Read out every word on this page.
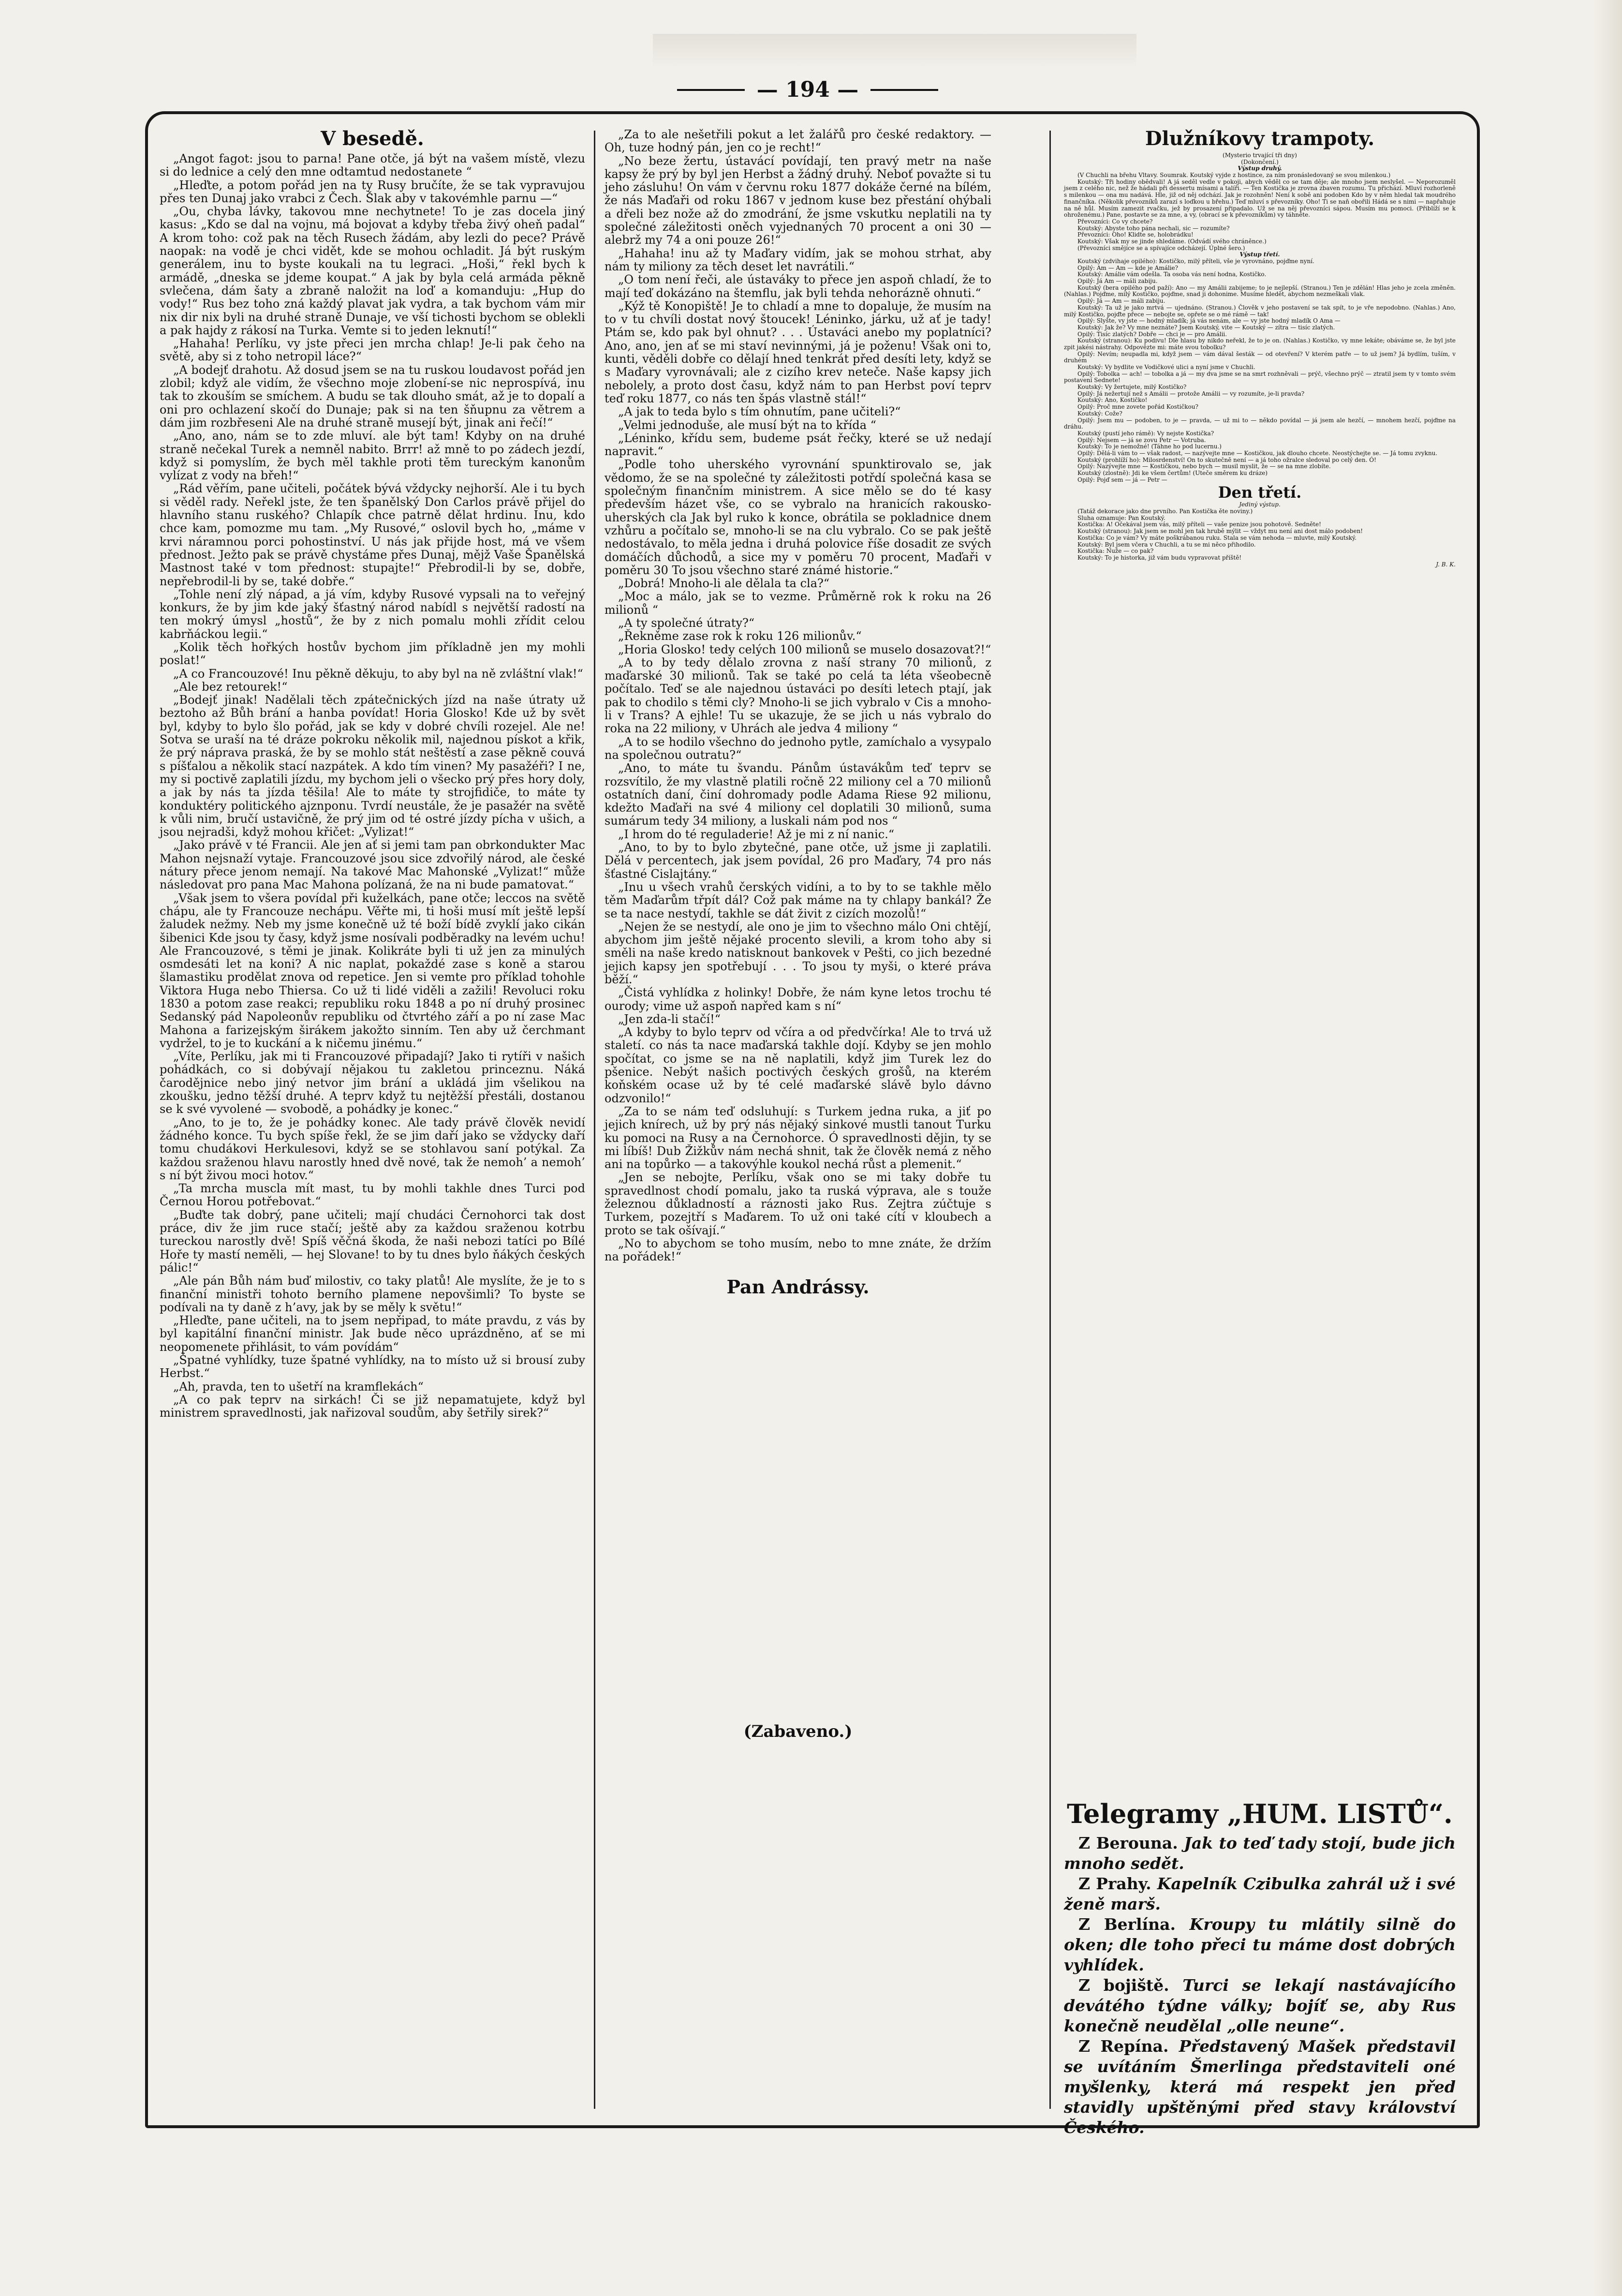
— 194 —
V besedě.

„Angot fagot: jsou to parna! Pane otče, já být na vašem místě, vlezu si do lednice a celý den mne odtamtud nedostanete “

„Hleďte, a potom pořád jen na ty Rusy bručíte, že se tak vypravujou přes ten Dunaj jako vrabci z Čech. Šlak aby v takovémhle parnu —“

„Ou, chyba lávky, takovou mne nechytnete! To je zas docela jiný kasus: „Kdo se dal na vojnu, má bojovat a kdyby třeba živý oheň padal“ A krom toho: což pak na těch Rusech žádám, aby lezli do pece? Právě naopak: na vodě je chci vidět, kde se mohou ochladit. Já být ruským generálem, inu to byste koukali na tu legraci. „Hoši,“ řekl bych k armádě, „dneska se jdeme koupat.“ A jak by byla celá armáda pěkně svlečena, dám šaty a zbraně naložit na loď a komanduju: „Hup do vody!“ Rus bez toho zná každý plavat jak vydra, a tak bychom vám mir nix dir nix byli na druhé straně Dunaje, ve vší tichosti bychom se oblekli a pak hajdy z rákosí na Turka. Vemte si to jeden leknutí!“

„Hahaha! Perlíku, vy jste přeci jen mrcha chlap! Je-li pak čeho na světě, aby si z toho netropil láce?“

„A bodejť drahotu. Až dosud jsem se na tu ruskou loudavost pořád jen zlobil; když ale vidím, že všechno moje zlobení-se nic neprospívá, inu tak to zkouším se smíchem. A budu se tak dlouho smát, až je to dopalí a oni pro ochlazení skočí do Dunaje; pak si na ten šňupnu za větrem a dám jim rozbřeseni Ale na druhé straně musejí být, jinak ani řečí!“

„Ano, ano, nám se to zde mluví. ale být tam! Kdyby on na druhé straně nečekal Turek a nemněl nabito. Brrr! až mně to po zádech jezdí, když si pomyslím, že bych měl takhle proti těm tureckým kanonům vylízat z vody na břeh!“

„Rád věřím, pane učiteli, počátek bývá vždycky nejhorší. Ale i tu bych si věděl rady. Neřekl jste, že ten španělský Don Carlos právě přijel do hlavního stanu ruského? Chlapík chce patrně dělat hrdinu. Inu, kdo chce kam, pomozme mu tam. „My Rusové,“ oslovil bych ho, „máme v krvi náramnou porci pohostinství. U nás jak přijde host, má ve všem přednost. Ježto pak se právě chystáme přes Dunaj, mějž Vaše Španělská Mastnost také v tom přednost: stupajte!“ Přebrodil-li by se, dobře, nepřebrodil-li by se, také dobře.“

„Tohle není zlý nápad, a já vím, kdyby Rusové vypsali na to veřejný konkurs, že by jim kde jaký šťastný národ nabídl s největší radostí na ten mokrý úmysl „hostů“, že by z nich pomalu mohli zřídit celou kabrňáckou legii.“

„Kolik těch hořkých hostův bychom jim příkladně jen my mohli poslat!“

„A co Francouzové! Inu pěkně děkuju, to aby byl na ně zvláštní vlak!“

„Ale bez retourek!“

„Bodejť jinak! Nadělali těch zpátečnických jízd na naše útraty už beztoho až Bůh brání a hanba povídat! Horia Glosko! Kde už by svět byl, kdyby to bylo šlo pořád, jak se kdy v dobré chvíli rozejel. Ale ne! Sotva se uraší na té dráze pokroku několik mil, najednou pískot a křik, že prý náprava praská, že by se mohlo stát neštěstí a zase pěkně couvá s píšťalou a několik stací nazpátek. A kdo tím vinen? My pasažéři? I ne, my si poctivě zaplatili jízdu, my bychom jeli o všecko prý přes hory doly, a jak by nás ta jízda těšila! Ale to máte ty strojfidiče, to máte ty konduktéry politického ajznponu. Tvrdí neustále, že je pasažér na světě k vůli nim, bručí ustavičně, že prý jim od té ostré jízdy pícha v ušich, a jsou nejradši, když mohou křičet: „Vylizat!“

„Jako právě v té Francii. Ale jen ať si jemi tam pan obrkondukter Mac Mahon nejsnaží vytaje. Francouzové jsou sice zdvořilý národ, ale české nátury přece jenom nemají. Na takové Mac Mahonské „Vylizat!“ může následovat pro pana Mac Mahona polízaná, že na ni bude pamatovat.“

„Však jsem to všera povídal při kuželkách, pane otče; leccos na světě chápu, ale ty Francouze nechápu. Věřte mi, ti hoši musí mít ještě lepší žaludek nežmy. Neb my jsme konečně už té boží bídě zvyklí jako cikán šibenici Kde jsou ty časy, když jsme nosívali podběradky na levém uchu! Ale Francouzové, s těmi je jinak. Kolikráte byli ti už jen za minulých osmdesáti let na koni? A nic naplat, pokaždé zase s koně a starou šlamastiku prodělat znova od repetice. Jen si vemte pro příklad tohohle Viktora Huga nebo Thiersa. Co už ti lidé viděli a zažili! Revoluci roku 1830 a potom zase reakci; republiku roku 1848 a po ní druhý prosinec Sedanský pád Napoleonův republiku od čtvrtého září a po ní zase Mac Mahona a farizejským širákem jakožto sinním. Ten aby už čerchmant vydržel, to je to kuckání a k ničemu jinému.“

„Víte, Perlíku, jak mi ti Francouzové připadají? Jako ti rytíři v našich pohádkách, co si dobývají nějakou tu zakletou princeznu. Náká čarodějnice nebo jiný netvor jim brání a ukládá jim všelikou na zkoušku, jedno těžší druhé. A teprv když tu nejtěžší přestáli, dostanou se k své vyvolené — svobodě, a pohádky je konec.“

„Ano, to je to, že je pohádky konec. Ale tady právě člověk nevidí žádného konce. Tu bych spíše řekl, že se jim daří jako se vždycky daří tomu chudákovi Herkulesovi, když se se stohlavou saní potýkal. Za každou sraženou hlavu narostly hned dvě nové, tak že nemoh’ a nemoh’ s ní být živou moci hotov.“

„Ta mrcha muscla mít mast, tu by mohli takhle dnes Turci pod Černou Horou potřebovat.“

„Buďte tak dobrý, pane učiteli; mají chudáci Černohorci tak dost práce, div že jim ruce stačí; ještě aby za každou sraženou kotrbu tureckou narostly dvě! Spíš věčná škoda, že naši nebozi tatíci po Bílé Hoře ty mastí neměli, — hej Slovane! to by tu dnes bylo ňákých českých pálic!“

„Ale pán Bůh nám buď milostiv, co taky platů! Ale myslíte, že je to s finanční ministři tohoto berního plamene nepovšimli? To byste se podívali na ty daně z h’avy, jak by se měly k světu!“

„Hleďte, pane učiteli, na to jsem nepřipad, to máte pravdu, z vás by byl kapitální finanční ministr. Jak bude něco uprázdněno, ať se mi neopomenete přihlásit, to vám povídám“

„Špatné vyhlídky, tuze špatné vyhlídky, na to místo už si brousí zuby Herbst.“

„Ah, pravda, ten to ušetří na kramflekách“

„A co pak teprv na sirkách! Či se již nepamatujete, když byl ministrem spravedlnosti, jak nařizoval soudům, aby šetřily sirek?“

„Za to ale nešetřili pokut a let žalářů pro české redaktory. — Oh, tuze hodný pán, jen co je recht!“

„No beze žertu, ústavácí povídají, ten pravý metr na naše kapsy že prý by byl jen Herbst a žádný druhý. Neboť považte si tu jeho zásluhu! On vám v červnu roku 1877 dokáže černé na bílém, že nás Maďaři od roku 1867 v jednom kuse bez přestání ohýbali a dřeli bez nože až do zmodrání, že jsme vskutku neplatili na ty společné záležitosti oněch vyjednaných 70 procent a oni 30 — alebrž my 74 a oni pouze 26!“

„Hahaha! inu až ty Maďary vidím, jak se mohou strhat, aby nám ty miliony za těch deset let navrátili.“

„O tom není řeči, ale ústaváky to přece jen aspoň chladí, že to mají teď dokázáno na štemflu, jak byli tehda nehorázně ohnuti.“

„Kýž tě Konopiště! Je to chladí a mne to dopaluje, že musím na to v tu chvíli dostat nový štoucek! Léninko, járku, už ať je tady! Ptám se, kdo pak byl ohnut? . . . Ústaváci anebo my poplatníci? Ano, ano, jen ať se mi staví nevinnými, já je poženu! Však oni to, kunti, věděli dobře co dělají hned tenkrát před desíti lety, když se s Maďary vyrovnávali; ale z cizího krev neteče. Naše kapsy jich nebolely, a proto dost času, když nám to pan Herbst poví teprv teď roku 1877, co nás ten špás vlastně stál!“

„A jak to teda bylo s tím ohnutím, pane učiteli?“

„Velmi jednoduše, ale musí být na to křída “

„Léninko, křídu sem, budeme psát řečky, které se už nedají napravit.“

„Podle toho uherského vyrovnání spunktirovalo se, jak vědomo, že se na společné ty záležitosti potřdí společná kasa se společným finančním ministrem. A sice mělo se do té kasy především házet vše, co se vybralo na hranicích rakousko-uherských cla Jak byl ruko k konce, obrátila se pokladnice dnem vzhůru a počítalo se, mnoho-li se na clu vybralo. Co se pak ještě nedostávalo, to měla jedna i druhá polovice říše dosadit ze svých domáčích důchodů, a sice my v poměru 70 procent, Maďaři v poměru 30 To jsou všechno staré známé historie.“

„Dobrá! Mnoho-li ale dělala ta cla?“

„Moc a málo, jak se to vezme. Průměrně rok k roku na 26 milionů “

„A ty společné útraty?“

„Řekněme zase rok k roku 126 milionův.“

„Horia Glosko! tedy celých 100 milionů se muselo dosazovat?!“

„A to by tedy dělalo zrovna z naší strany 70 milionů, z maďarské 30 milionů. Tak se také po celá ta léta všeobecně počítalo. Teď se ale najednou ústaváci po desíti letech ptají, jak pak to chodilo s těmi cly? Mnoho-li se jich vybralo v Cis a mnoho-li v Trans? A ejhle! Tu se ukazuje, že se jich u nás vybralo do roka na 22 miliony, v Uhrách ale jedva 4 miliony “

„A to se hodilo všechno do jednoho pytle, zamíchalo a vysypalo na společnou outratu?“

„Ano, to máte tu švandu. Pánům ústavákům teď teprv se rozsvítilo, že my vlastně platili ročně 22 miliony cel a 70 milionů ostatních daní, činí dohromady podle Adama Riese 92 milionu, kdežto Maďaři na své 4 miliony cel doplatili 30 milionů, suma sumárum tedy 34 miliony, a luskali nám pod nos “

„I hrom do té reguladerie! Až je mi z ní nanic.“

„Ano, to by to bylo zbytečné, pane otče, už jsme ji zaplatili. Dělá v percentech, jak jsem povídal, 26 pro Maďary, 74 pro nás šťastné Cislajtány.“

„Inu u všech vrahů čerských vidíni, a to by to se takhle mělo těm Maďarům třpít dál? Což pak máme na ty chlapy bankál? Že se ta nace nestydí, takhle se dát živit z cizích mozolů!“

„Nejen že se nestydí, ale ono je jim to všechno málo Oni chtějí, abychom jim ještě nějaké procento slevili, a krom toho aby si směli na naše kredo natisknout bankovek v Pešti, co jich bezedné jejich kapsy jen spotřebují . . . To jsou ty myši, o které práva běží.“

„Čistá vyhlídka z holinky! Dobře, že nám kyne letos trochu té ourody; vime už aspoň napřed kam s ní“

„Jen zda-li stačí!“

„A kdyby to bylo teprv od včíra a od předvčírka! Ale to trvá už staletí. co nás ta nace maďarská takhle dojí. Kdyby se jen mohlo spočítat, co jsme se na ně naplatili, když jim Turek lez do pšenice. Nebýt našich poctivých českých grošů, na kterém koňském ocase už by té celé maďarské slávě bylo dávno odzvonilo!“

„Za to se nám teď odsluhují: s Turkem jedna ruka, a jiť po jejich knírech, už by prý nás nějaký sinkové mustli tanout Turku ku pomoci na Rusy a na Černohorce. Ó spravedlnosti dějin, ty se mi líbíš! Dub Žižkův nám nechá shnit, tak že člověk nemá z něho ani na topůrko — a takovýhle koukol nechá růst a plemenit.“

„Jen se nebojte, Perlíku, však ono se mi taky dobře tu spravedlnost chodí pomalu, jako ta ruská výprava, ale s touže železnou důkladností a ráznosti jako Rus. Zejtra zúčtuje s Turkem, pozejtří s Maďarem. To už oni také cítí v kloubech a proto se tak ošívají.“

„No to abychom se toho musím, nebo to mne znáte, že držím na pořádek!“

Pan Andrássy.
(Zabaveno.)
Dlužníkovy trampoty.

(Mysterio trvající tři dny)

(Dokončení.)

Výstup druhý.

(V Chuchli na břehu Vltavy. Soumrak. Koutský vyjde z hostince, za ním pronásledovaný se svou milenkou.)

Koutský: Tři hodiny obědvali! A já seděl vedle v pokoji, abych věděl co se tam děje; ale mnoho jsem neslyšel. — Neporozuměl jsem z celého nic, než že hádali při dessertu mísami a talíři. — Ten Kostička je zrovna zbaven rozumu. Tu přichází. Mluví rozhorleně s milenkou — ona mu nadává. Hle, již od něj odchází. Jak je rozohněn! Není k sobě ani podoben Kdo by v něm hledal tak moudrého finančníka. (Několik převozníků zarazí s loďkou u břehu.) Teď mluví s převozníky. Oho! Ti se naň obořili Hádá se s nimi — napřahuje na ně hůl. Musím zamezit rvačku, jež by prosazení připadalo. Už se na něj převozníci sápou. Musím mu pomoci. (Přiblíží se k ohroženému.) Pane, postavte se za mne, a vy, (obrací se k převozníkům) vy táhněte.

Převozníci: Co vy chcete?

Koutský: Abyste toho pána nechali, sic — rozumíte?

Převozníci: Oho! Klidte se, holobrádku!

Koutský: Však my se jinde shledáme. (Odvádí svého chráněnce.)

(Převozníci smějíce se a spívajíce odcházejí. Úplné šero.)

Výstup třetí.

Koutský (zdvihaje opilého): Kostičko, milý příteli, vše je vyrovnáno, pojďme nyní.

Opilý: Am — Am — kde je Amálie?

Koutský: Amálie vám odešla. Ta osoba vás není hodna, Kostičko.

Opilý: Já Am — máli zabiju.

Koutský (bera opilého pod paží): Ano — my Amálii zabijeme; to je nejlepší. (Stranou.) Ten je zdělán! Hlas jeho je zcela změněn. (Nahlas.) Pojďme, milý Kostičko, pojďme, snad ji dohonime. Musíme hledět, abychom nezmeškali vlak.

Opilý: Já — Am — máli zabiju.

Koutský: Ta už je jako mrtvá — ujednáno. (Stranou.) Člověk v jeho postavení se tak spít, to je vře nepodobno. (Nahlas.) Ano, milý Kostičko, pojďte přece — nebojte se, opřete se o mé rámě — tak!

Opilý: Slyšte, vy jste — hodný mladík; já vás nenám, ale — vy jste hodný mladík O Ama —

Koutský: Jak že? Vy mne neznáte? Jsem Koutský, vite — Koutský — zítra — tisíc zlatých.

Opilý: Tisíc zlatých? Dobře — chci je — pro Amálii.

Koutský (stranou): Ku podivu! Dle hlasu by nikdo neřekl, že to je on. (Nahlas.) Kostičko, vy mne lekáte; obáváme se, že byl jste zpit jakési nástrahy. Odpovězte mi: máte svou tobolku?

Opilý: Nevím; neupadla mi, když jsem — vám dával šesták — od otevření? V kterém patře — to už jsem? Já bydlím, tuším, v druhém

Koutský: Vy bydlite ve Vodičkové ulici a nyní jsme v Chuchli.

Opilý: Tobolka — ach! — tobolka a já — my dva jsme se na smrt rozhněvali — prýč, všechno prýč — ztratil jsem ty v tomto svém postavení Sednete!

Koutský: Vy žertujete, milý Kostičko?

Opilý: Já nežertují než s Amálii — protože Amálii — vy rozumíte, je-li pravda?

Koutský: Ano, Kostičko!

Opilý: Proč mne zovete pořád Kostičkou?

Koutský: Cože?

Opilý: Jsem mu — podoben, to je — pravda, — už mi to — někdo povídal — já jsem ale hezčí, — mnohem hezčí, pojďme na dráhu.

Koutský (pustí jeho rámě): Vy nejste Kostička?

Opilý: Nejsem — já se zovu Petr — Votruba.

Koutský: To je nemožné! (Táhne ho pod lucernu.)

Opilý: Dělá-li vám to — však radost, — nazývejte mne — Kostičkou, jak dlouho chcete. Neostýchejte se. — Já tomu zvyknu.

Koutský (prohlíží ho): Milosrdenství! On to skutečně není — a já toho ožralce sledoval po celý den. Ó!

Opilý: Nazývejte mne — Kostičkou, nebo bych — musil myslit, že — se na mne zlobíte.

Koutský (zlostně): Jdi ke všem čertům! (Uteče směrem ku dráze)

Opilý: Pojď sem — já — Petr —

Den třetí.

Jediný výstup.

(Tatáž dekorace jako dne prvního. Pan Kostička ěte noviny.)

Sluha oznamuje: Pan Koutský.

Kostička: A! Očekával jsem vás, milý příteli — vaše penize jsou pohotově. Sedněte!

Koutský (stranou): Jak jsem se mohl jen tak hrubě mýlit — vždyt mu není ani dost málo podoben!

Kostička: Co je vám? Vy máte poškrábanou ruku. Stala se vám nehoda — mluvte, milý Koutský.

Koutský: Byl jsem včera v Chuchli, a tu se mi něco přihodilo.

Kostička: Nuže — co pak?

Koutský: To je historka, již vám budu vypravovat příště!

J. B. K.

Telegramy „HUM. LISTŮ“.

Z Berouna. Jak to teď tady stojí, bude jich mnoho sedět.

Z Prahy. Kapelník Czibulka zahrál už i své ženě marš.

Z Berlína. Kroupy tu mlátily silně do oken; dle toho přeci tu máme dost dobrých vyhlídek.

Z bojiště. Turci se lekají nastávajícího devátého týdne války; bojíť se, aby Rus konečně neudělal „olle neune“.

Z Repína. Představený Mašek představil se uvítáním Šmerlinga představiteli oné myšlenky, která má respekt jen před stavidly upštěnými před stavy království Českého.
